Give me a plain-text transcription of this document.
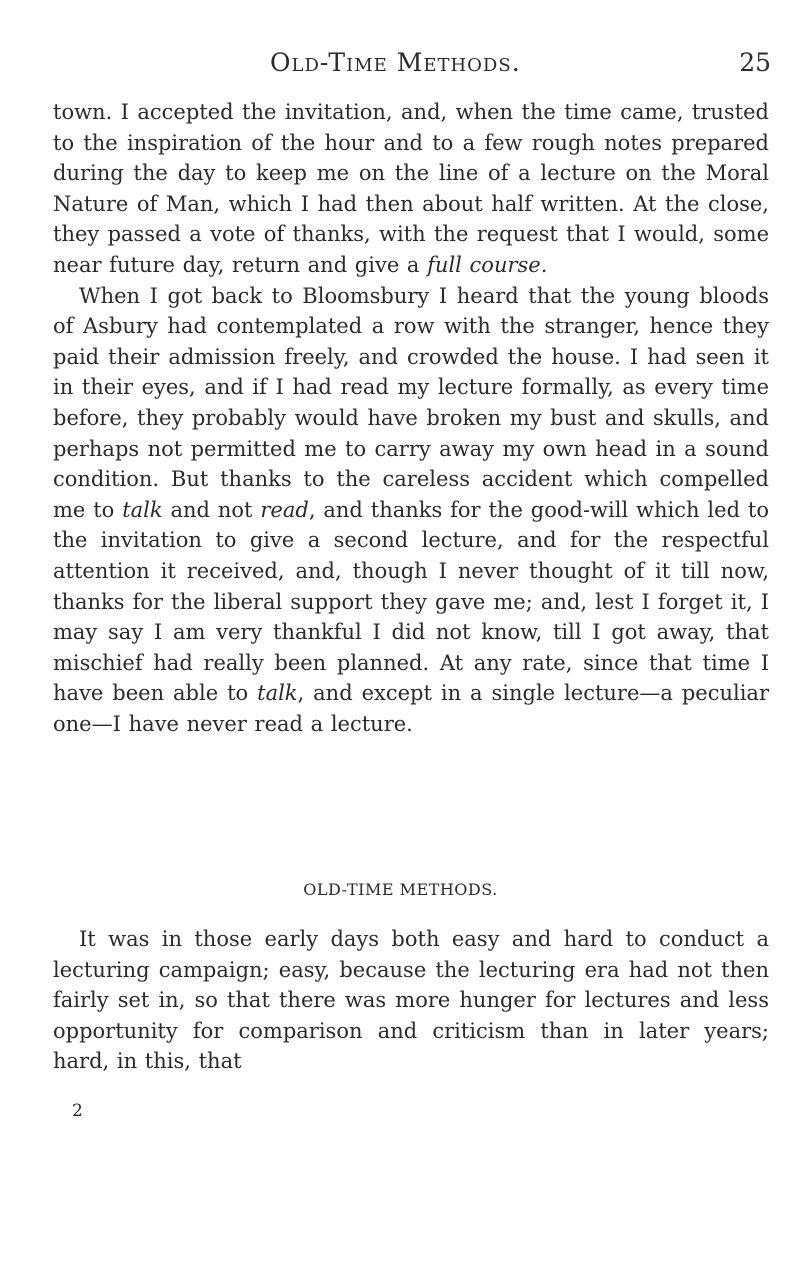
Old-Time Methods.	25

town. I accepted the invitation, and, when the time came, trusted to the inspiration of the hour and to a few rough notes prepared during the day to keep me on the line of a lecture on the Moral Nature of Man, which I had then about half written. At the close, they passed a vote of thanks, with the request that I would, some near future day, return and give a full course.

When I got back to Bloomsbury I heard that the young bloods of Asbury had contemplated a row with the stranger, hence they paid their admission freely, and crowded the house. I had seen it in their eyes, and if I had read my lecture formally, as every time before, they probably would have broken my bust and skulls, and perhaps not permitted me to carry away my own head in a sound condition. But thanks to the careless accident which compelled me to talk and not read, and thanks for the good-will which led to the invitation to give a second lecture, and for the respectful attention it received, and, though I never thought of it till now, thanks for the liberal support they gave me; and, lest I forget it, I may say I am very thankful I did not know, till I got away, that mischief had really been planned. At any rate, since that time I have been able to talk, and except in a single lecture—a peculiar one—I have never read a lecture.

OLD-TIME METHODS.

It was in those early days both easy and hard to conduct a lecturing campaign; easy, because the lecturing era had not then fairly set in, so that there was more hunger for lectures and less opportunity for comparison and criticism than in later years; hard, in this, that

2
